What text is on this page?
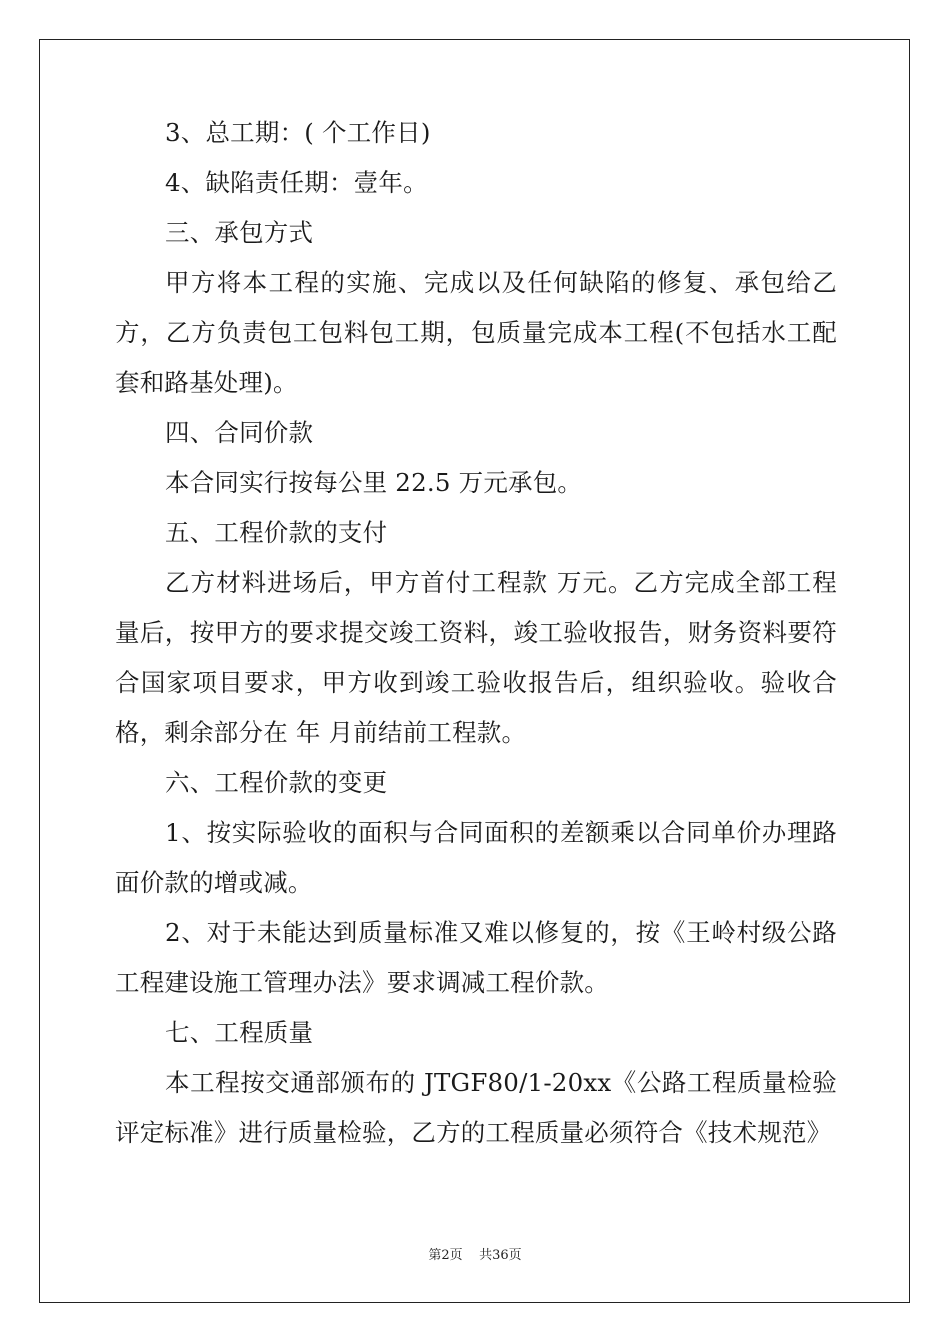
3、总工期：( 个工作日)

4、缺陷责任期：壹年。

三、承包方式

甲方将本工程的实施、完成以及任何缺陷的修复、承包给乙方，乙方负责包工包料包工期，包质量完成本工程(不包括水工配套和路基处理)。

四、合同价款

本合同实行按每公里 22.5 万元承包。

五、工程价款的支付

乙方材料进场后，甲方首付工程款 万元。乙方完成全部工程量后，按甲方的要求提交竣工资料，竣工验收报告，财务资料要符合国家项目要求，甲方收到竣工验收报告后，组织验收。验收合格，剩余部分在 年 月前结前工程款。

六、工程价款的变更

1、按实际验收的面积与合同面积的差额乘以合同单价办理路面价款的增或减。

2、对于未能达到质量标准又难以修复的，按《王岭村级公路工程建设施工管理办法》要求调减工程价款。

七、工程质量

本工程按交通部颁布的 JTGF80/1-20xx《公路工程质量检验评定标准》进行质量检验，乙方的工程质量必须符合《技术规范》

第2页    共36页
